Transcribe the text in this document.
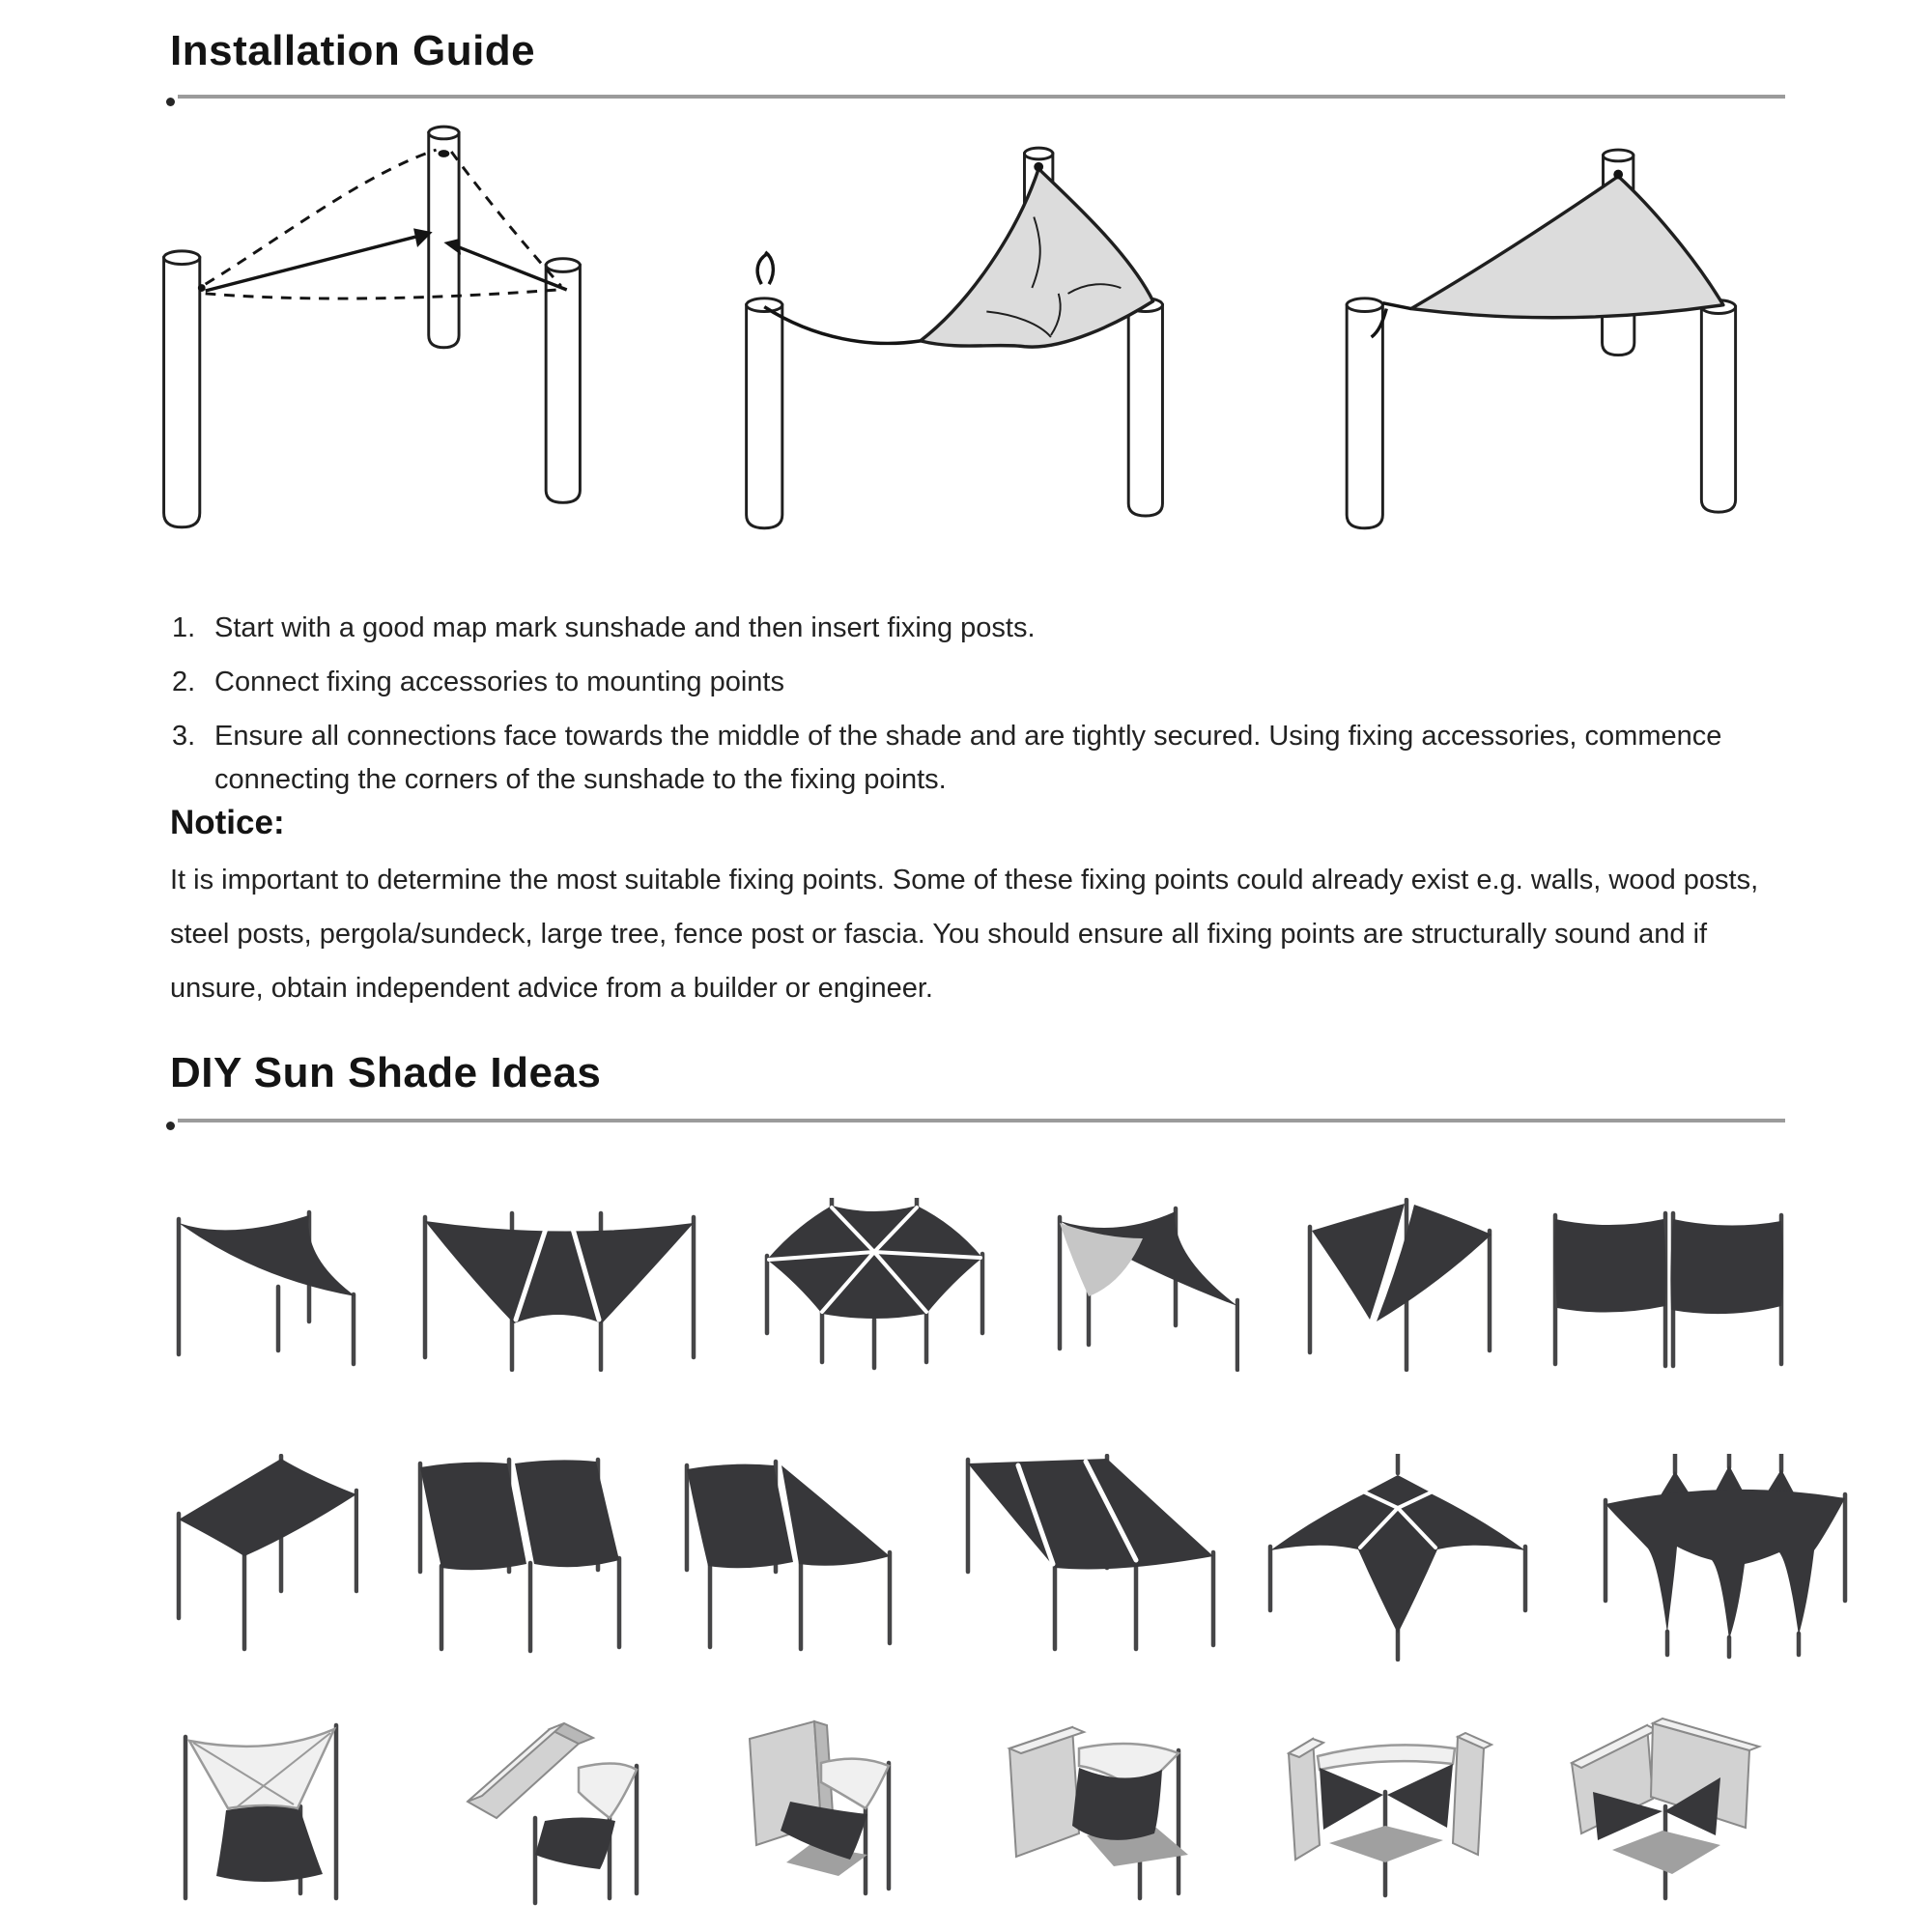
Installation Guide
1. Start with a good map mark sunshade and then insert fixing posts.
2. Connect fixing accessories to mounting points
3. Ensure all connections face towards the middle of the shade and are tightly secured. Using fixing accessories, commence connecting the corners of the sunshade to the fixing points.
Notice:

It is important to determine the most suitable fixing points. Some of these fixing points could already exist e.g. walls, wood posts, steel posts, pergola/sundeck, large tree, fence post or fascia. You should ensure all fixing points are structurally sound and if unsure, obtain independent advice from a builder or engineer.

DIY Sun Shade Ideas
